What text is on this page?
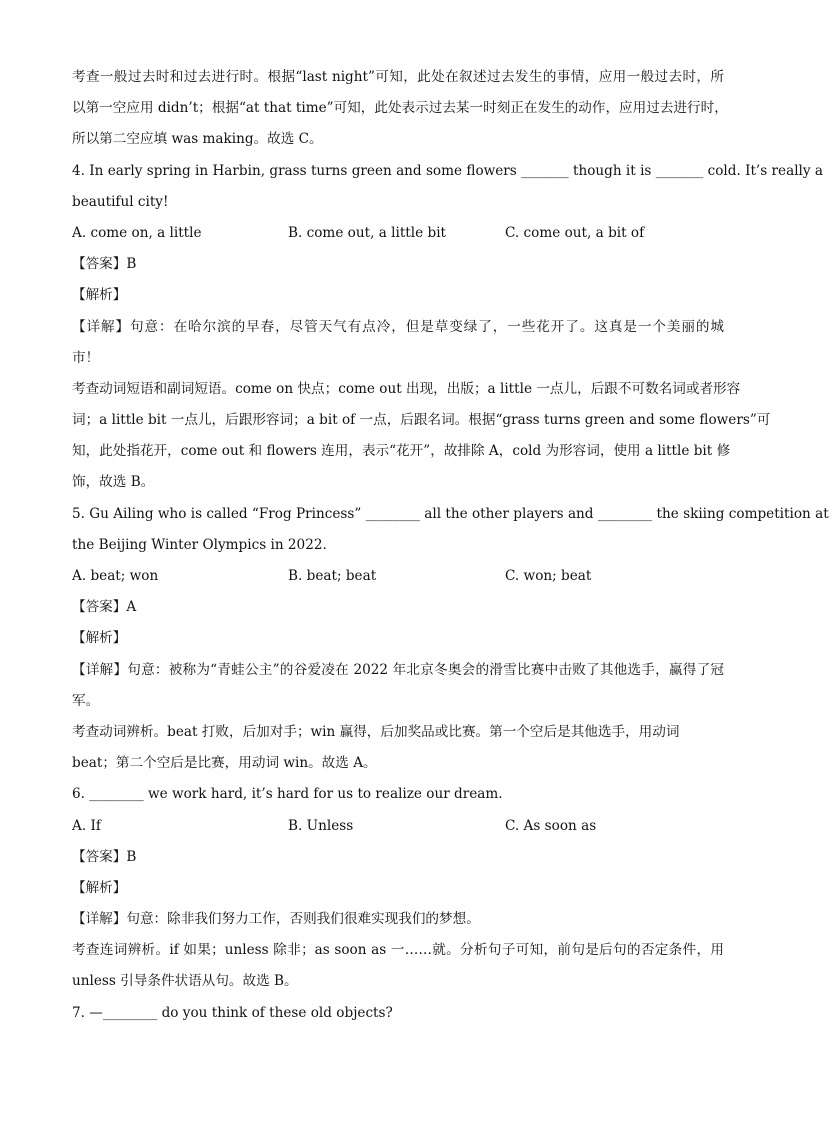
考查一般过去时和过去进行时。根据“last night”可知，此处在叙述过去发生的事情，应用一般过去时，所
以第一空应用 didn’t；根据“at that time”可知，此处表示过去某一时刻正在发生的动作，应用过去进行时，
所以第二空应填 was making。故选 C。
4. In early spring in Harbin, grass turns green and some flowers _______ though it is _______ cold. It’s really a
beautiful city!
A. come on, a little	B. come out, a little bit	C. come out, a bit of
【答案】B
【解析】
【详解】句意：在哈尔滨的早春，尽管天气有点冷，但是草变绿了，一些花开了。这真是一个美丽的城
市！
考查动词短语和副词短语。come on 快点；come out 出现，出版；a little 一点儿，后跟不可数名词或者形容
词；a little bit 一点儿，后跟形容词；a bit of 一点，后跟名词。根据“grass turns green and some flowers”可
知，此处指花开，come out 和 flowers 连用，表示“花开”，故排除 A，cold 为形容词，使用 a little bit 修
饰，故选 B。
5. Gu Ailing who is called “Frog Princess” ________ all the other players and ________ the skiing competition at
the Beijing Winter Olympics in 2022.
A. beat; won	B. beat; beat	C. won; beat
【答案】A
【解析】
【详解】句意：被称为“青蛙公主”的谷爱凌在 2022 年北京冬奥会的滑雪比赛中击败了其他选手，赢得了冠
军。
考查动词辨析。beat 打败，后加对手；win 赢得，后加奖品或比赛。第一个空后是其他选手，用动词
beat；第二个空后是比赛，用动词 win。故选 A。
6. ________ we work hard, it’s hard for us to realize our dream.
A. If	B. Unless	C. As soon as
【答案】B
【解析】
【详解】句意：除非我们努力工作，否则我们很难实现我们的梦想。
考查连词辨析。if 如果；unless 除非；as soon as 一……就。分析句子可知，前句是后句的否定条件，用
unless 引导条件状语从句。故选 B。
7. —________ do you think of these old objects?
